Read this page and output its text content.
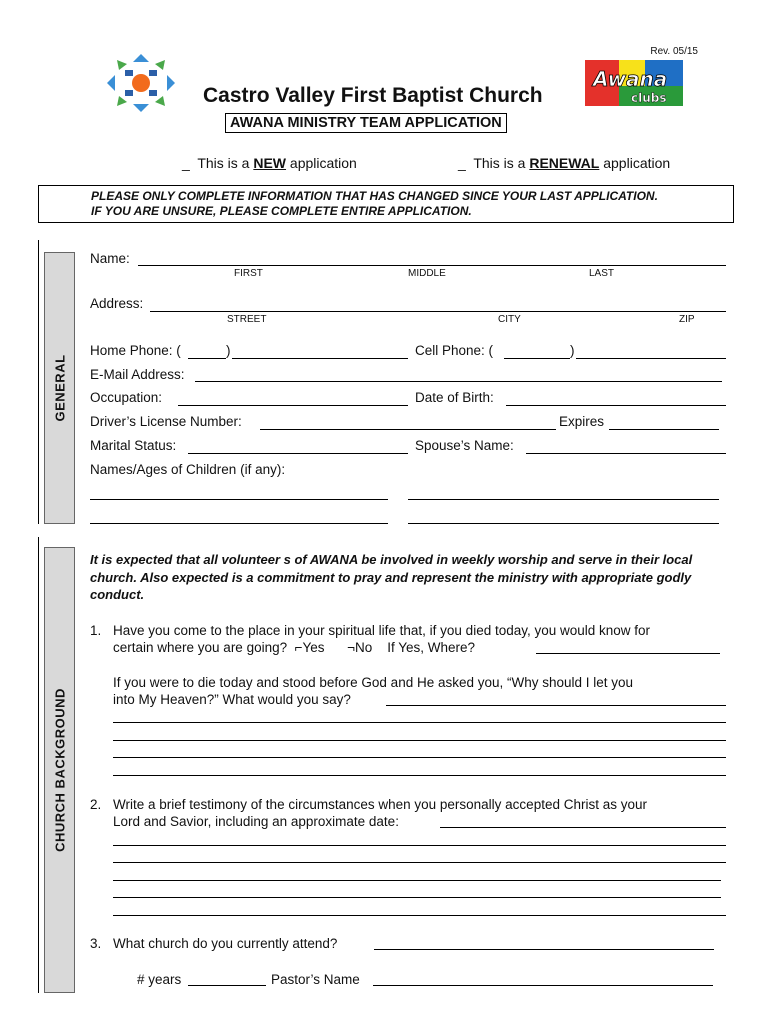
Rev. 05/15
Castro Valley First Baptist Church
AWANA MINISTRY TEAM APPLICATION
Awana
clubs
_ This is a NEW application	_ This is a RENEWAL application
PLEASE ONLY COMPLETE INFORMATION THAT HAS CHANGED SINCE YOUR LAST APPLICATION.
IF YOU ARE UNSURE, PLEASE COMPLETE ENTIRE APPLICATION.
GENERAL
Name:
FIRST	MIDDLE	LAST
Address:
STREET	CITY	ZIP
Home Phone: (	)	Cell Phone: (	)
E-Mail Address:
Occupation:	Date of Birth:
Driver’s License Number:	Expires
Marital Status:	Spouse’s Name:
Names/Ages of Children (if any):
CHURCH BACKGROUND
It is expected that all volunteer s of AWANA be involved in weekly worship and serve in their local church. Also expected is a commitment to pray and represent the ministry with appropriate godly conduct.
1. Have you come to the place in your spiritual life that, if you died today, you would know for
certain where you are going? ⌐Yes ¬No If Yes, Where?
If you were to die today and stood before God and He asked you, “Why should I let you
into My Heaven?” What would you say?
2. Write a brief testimony of the circumstances when you personally accepted Christ as your
Lord and Savior, including an approximate date:
3. What church do you currently attend?
# years	Pastor’s Name
